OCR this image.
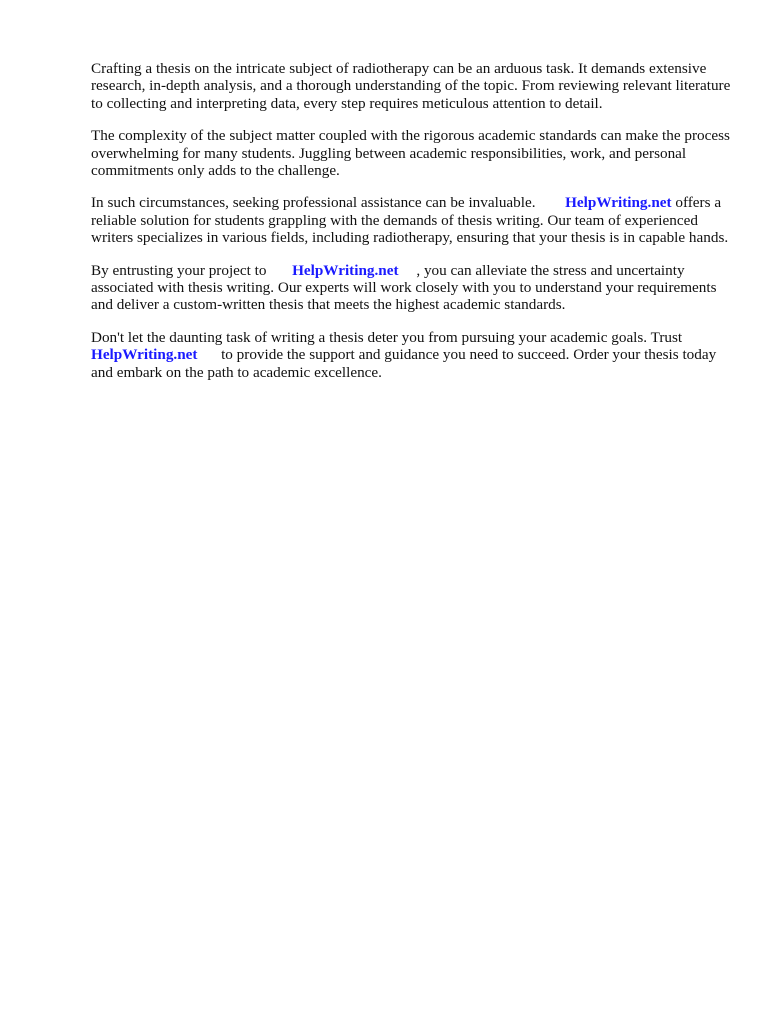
Crafting a thesis on the intricate subject of radiotherapy can be an arduous task. It demands extensive research, in-depth analysis, and a thorough understanding of the topic. From reviewing relevant literature to collecting and interpreting data, every step requires meticulous attention to detail.

The complexity of the subject matter coupled with the rigorous academic standards can make the process overwhelming for many students. Juggling between academic responsibilities, work, and personal commitments only adds to the challenge.

In such circumstances, seeking professional assistance can be invaluable. HelpWriting.net offers a reliable solution for students grappling with the demands of thesis writing. Our team of experienced writers specializes in various fields, including radiotherapy, ensuring that your thesis is in capable hands.

By entrusting your project to HelpWriting.net , you can alleviate the stress and uncertainty associated with thesis writing. Our experts will work closely with you to understand your requirements and deliver a custom-written thesis that meets the highest academic standards.

Don't let the daunting task of writing a thesis deter you from pursuing your academic goals. Trust HelpWriting.net to provide the support and guidance you need to succeed. Order your thesis today and embark on the path to academic excellence.
